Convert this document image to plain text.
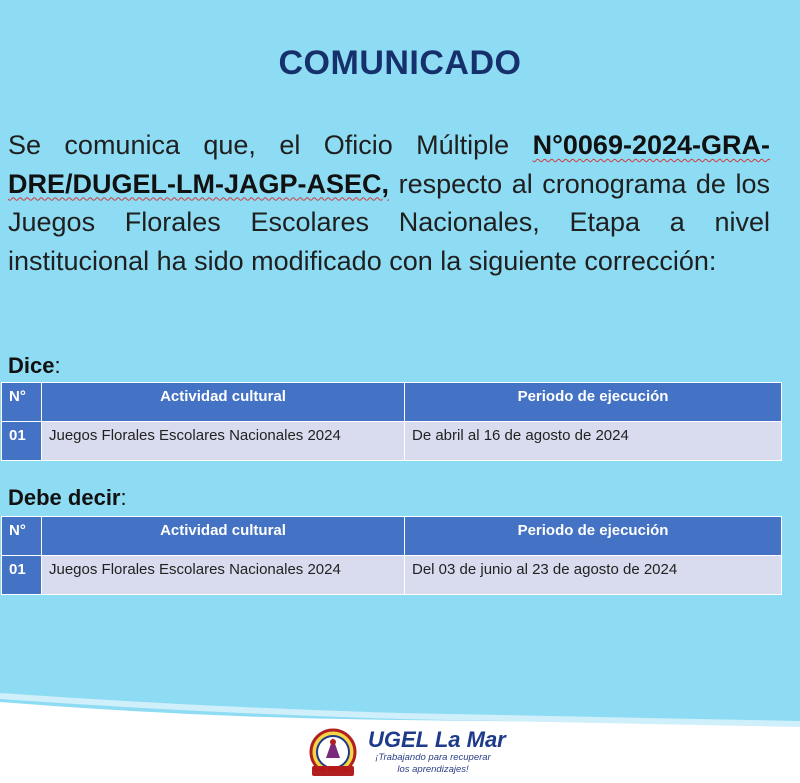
COMUNICADO
Se comunica que, el Oficio Múltiple N°0069-2024-GRA-DRE/DUGEL-LM-JAGP-ASEC, respecto al cronograma de los Juegos Florales Escolares Nacionales, Etapa a nivel institucional ha sido modificado con la siguiente corrección:
Dice:
N°	Actividad cultural	Periodo de ejecución
01	Juegos Florales Escolares Nacionales 2024	De abril al 16 de agosto de 2024
Debe decir:
N°	Actividad cultural	Periodo de ejecución
01	Juegos Florales Escolares Nacionales 2024	Del 03 de junio al 23 de agosto de 2024
SAN MIGUEL
UGEL La Mar
¡Trabajando para recuperar los aprendizajes!
